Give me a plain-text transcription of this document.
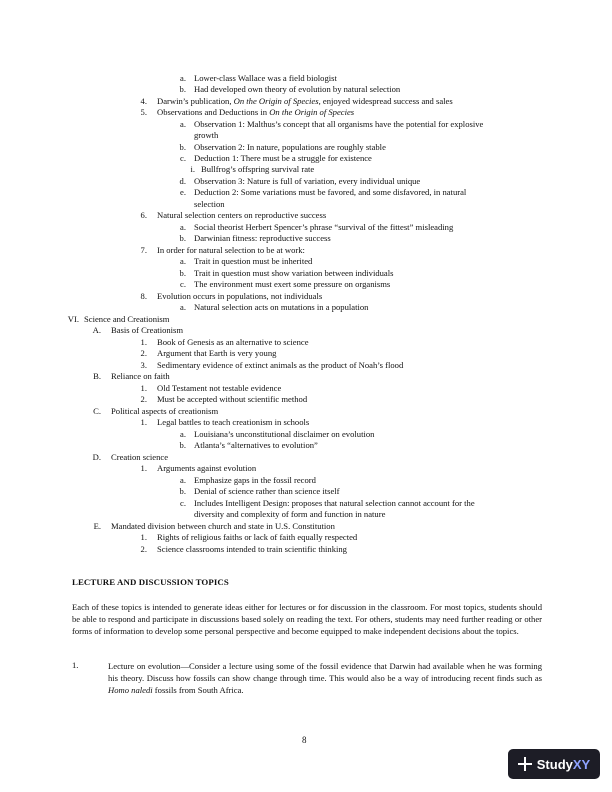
a. Lower-class Wallace was a field biologist
b. Had developed own theory of evolution by natural selection
4. Darwin’s publication, On the Origin of Species, enjoyed widespread success and sales
5. Observations and Deductions in On the Origin of Species
a. Observation 1: Malthus’s concept that all organisms have the potential for explosive
growth
b. Observation 2: In nature, populations are roughly stable
c. Deduction 1: There must be a struggle for existence
i. Bullfrog’s offspring survival rate
d. Observation 3: Nature is full of variation, every individual unique
e. Deduction 2: Some variations must be favored, and some disfavored, in natural
selection
6. Natural selection centers on reproductive success
a. Social theorist Herbert Spencer’s phrase “survival of the fittest” misleading
b. Darwinian fitness: reproductive success
7. In order for natural selection to be at work:
a. Trait in question must be inherited
b. Trait in question must show variation between individuals
c. The environment must exert some pressure on organisms
8. Evolution occurs in populations, not individuals
a. Natural selection acts on mutations in a population
VI. Science and Creationism
A. Basis of Creationism
1. Book of Genesis as an alternative to science
2. Argument that Earth is very young
3. Sedimentary evidence of extinct animals as the product of Noah’s flood
B. Reliance on faith
1. Old Testament not testable evidence
2. Must be accepted without scientific method
C. Political aspects of creationism
1. Legal battles to teach creationism in schools
a. Louisiana’s unconstitutional disclaimer on evolution
b. Atlanta’s “alternatives to evolution”
D. Creation science
1. Arguments against evolution
a. Emphasize gaps in the fossil record
b. Denial of science rather than science itself
c. Includes Intelligent Design: proposes that natural selection cannot account for the
diversity and complexity of form and function in nature
E. Mandated division between church and state in U.S. Constitution
1. Rights of religious faiths or lack of faith equally respected
2. Science classrooms intended to train scientific thinking
LECTURE AND DISCUSSION TOPICS
Each of these topics is intended to generate ideas either for lectures or for discussion in the classroom. For most topics, students should be able to respond and participate in discussions based solely on reading the text. For others, students may need further reading or other forms of information to develop some personal perspective and become equipped to make independent decisions about the topics.
1.	Lecture on evolution—Consider a lecture using some of the fossil evidence that Darwin had available when he was forming his theory. Discuss how fossils can show change through time. This would also be a way of introducing recent finds such as Homo naledi fossils from South Africa.
8
Study XY
